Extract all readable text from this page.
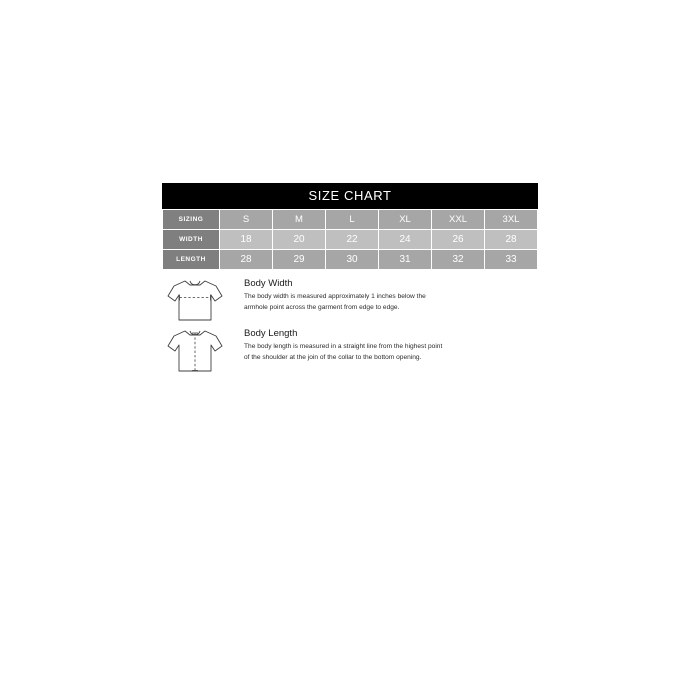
SIZE CHART
SIZING	S	M	L	XL	XXL	3XL
WIDTH	18	20	22	24	26	28
LENGTH	28	29	30	31	32	33
Body Width
The body width is measured approximately 1 inches below the armhole point across the garment from edge to edge.
Body Length
The body length is measured in a straight line from the highest point of the shoulder at the join of the collar to the bottom opening.
